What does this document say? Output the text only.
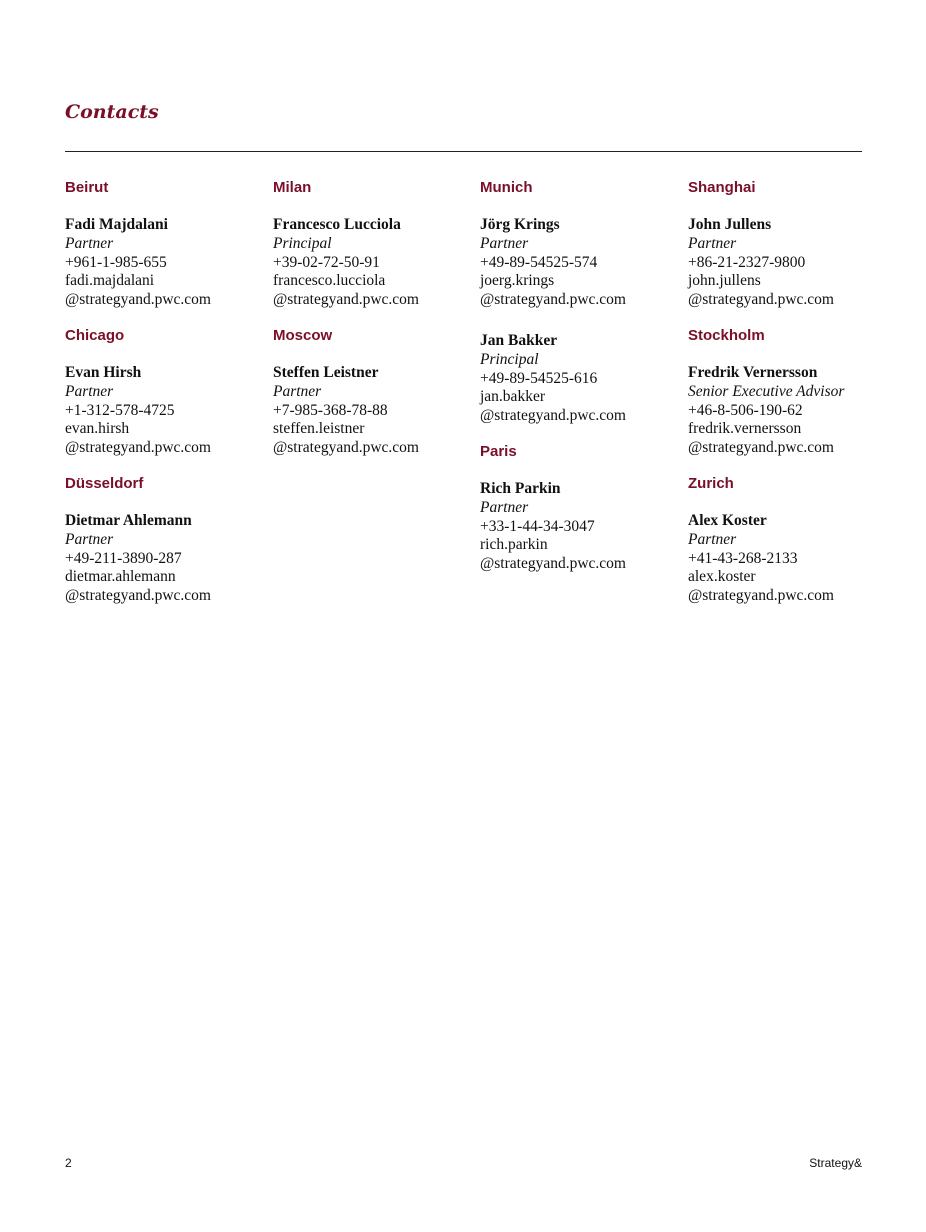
Contacts
Beirut
Fadi Majdalani
Partner
+961-1-985-655
fadi.majdalani
@strategyand.pwc.com
Chicago
Evan Hirsh
Partner
+1-312-578-4725
evan.hirsh
@strategyand.pwc.com
Düsseldorf
Dietmar Ahlemann
Partner
+49-211-3890-287
dietmar.ahlemann
@strategyand.pwc.com
Milan
Francesco Lucciola
Principal
+39-02-72-50-91
francesco.lucciola
@strategyand.pwc.com
Moscow
Steffen Leistner
Partner
+7-985-368-78-88
steffen.leistner
@strategyand.pwc.com
Munich
Jörg Krings
Partner
+49-89-54525-574
joerg.krings
@strategyand.pwc.com
Jan Bakker
Principal
+49-89-54525-616
jan.bakker
@strategyand.pwc.com
Paris
Rich Parkin
Partner
+33-1-44-34-3047
rich.parkin
@strategyand.pwc.com
Shanghai
John Jullens
Partner
+86-21-2327-9800
john.jullens
@strategyand.pwc.com
Stockholm
Fredrik Vernersson
Senior Executive Advisor
+46-8-506-190-62
fredrik.vernersson
@strategyand.pwc.com
Zurich
Alex Koster
Partner
+41-43-268-2133
alex.koster
@strategyand.pwc.com
2	Strategy&
